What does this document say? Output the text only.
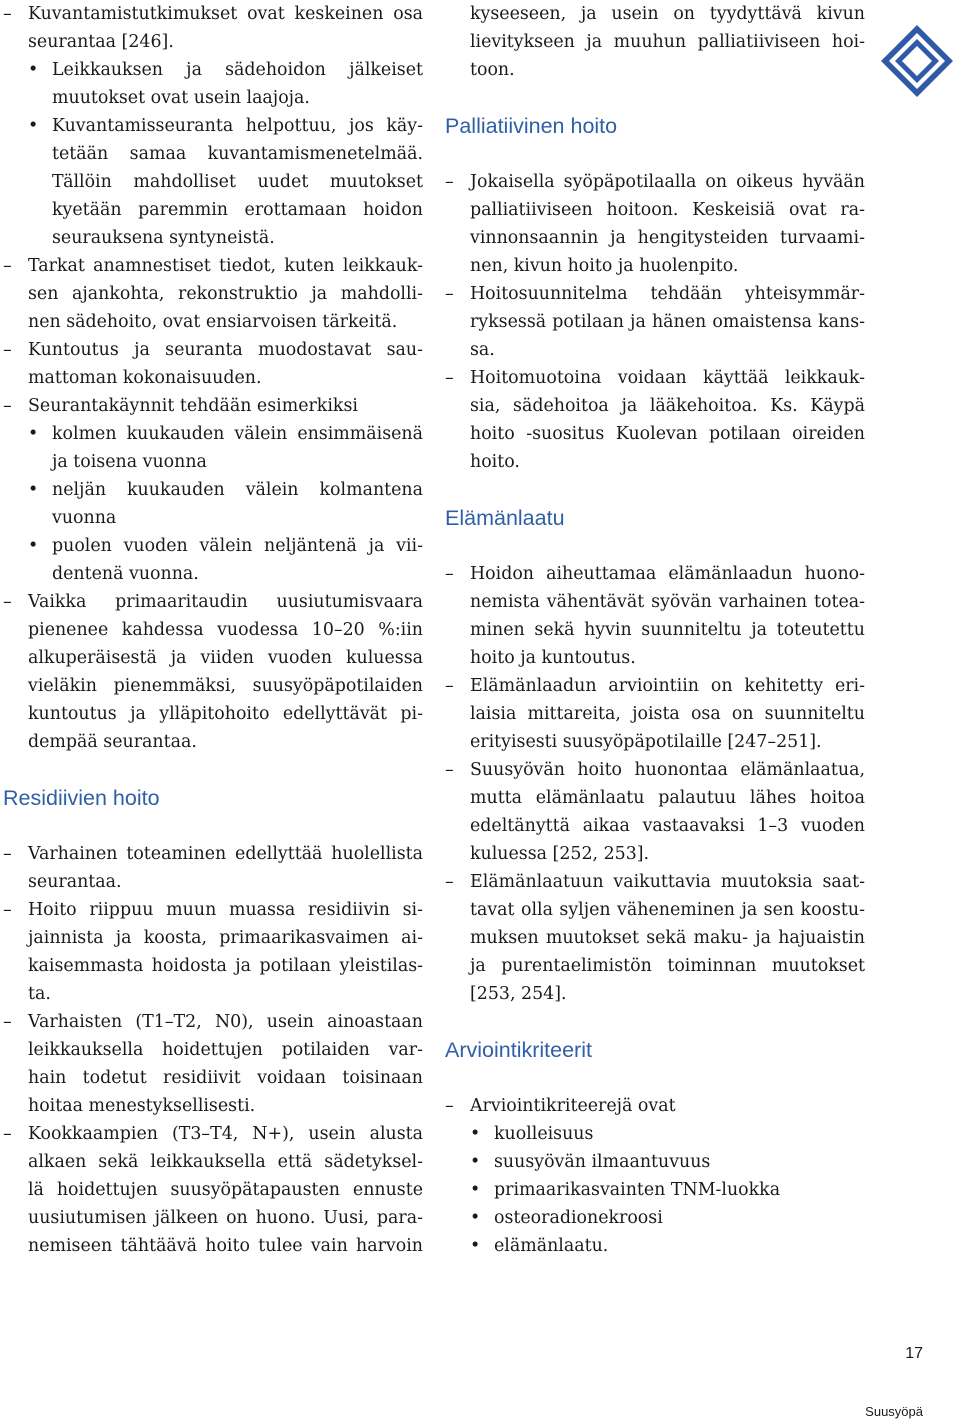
– Kuvantamistutkimukset ovat keskeinen osa
seurantaa [246].
• Leikkauksen ja sädehoidon jälkeiset
muutokset ovat usein laajoja.
• Kuvantamisseuranta helpottuu, jos käy-
tetään samaa kuvantamismenetelmää.
Tällöin mahdolliset uudet muutokset
kyetään paremmin erottamaan hoidon
seurauksena syntyneistä.
– Tarkat anamnestiset tiedot, kuten leikkauk-
sen ajankohta, rekonstruktio ja mahdolli-
nen sädehoito, ovat ensiarvoisen tärkeitä.
– Kuntoutus ja seuranta muodostavat sau-
mattoman kokonaisuuden.
– Seurantakäynnit tehdään esimerkiksi
• kolmen kuukauden välein ensimmäisenä
ja toisena vuonna
• neljän kuukauden välein kolmantena
vuonna
• puolen vuoden välein neljäntenä ja vii-
dentenä vuonna.
– Vaikka primaaritaudin uusiutumisvaara
pienenee kahdessa vuodessa 10–20 %:iin
alkuperäisestä ja viiden vuoden kuluessa
vieläkin pienemmäksi, suusyöpäpotilaiden
kuntoutus ja ylläpitohoito edellyttävät pi-
dempää seurantaa.
Residiivien hoito
– Varhainen toteaminen edellyttää huolellista
seurantaa.
– Hoito riippuu muun muassa residiivin si-
jainnista ja koosta, primaarikasvaimen ai-
kaisemmasta hoidosta ja potilaan yleistilas-
ta.
– Varhaisten (T1–T2, N0), usein ainoastaan
leikkauksella hoidettujen potilaiden var-
hain todetut residiivit voidaan toisinaan
hoitaa menestyksellisesti.
– Kookkaampien (T3–T4, N+), usein alusta
alkaen sekä leikkauksella että sädetyksel-
lä hoidettujen suusyöpätapausten ennuste
uusiutumisen jälkeen on huono. Uusi, para-
nemiseen tähtäävä hoito tulee vain harvoin
kyseeseen, ja usein on tyydyttävä kivun
lievitykseen ja muuhun palliatiiviseen hoi-
toon.
Palliatiivinen hoito
– Jokaisella syöpäpotilaalla on oikeus hyvään
palliatiiviseen hoitoon. Keskeisiä ovat ra-
vinnonsaannin ja hengitysteiden turvaami-
nen, kivun hoito ja huolenpito.
– Hoitosuunnitelma tehdään yhteisymmär-
ryksessä potilaan ja hänen omaistensa kans-
sa.
– Hoitomuotoina voidaan käyttää leikkauk-
sia, sädehoitoa ja lääkehoitoa. Ks. Käypä
hoito -suositus Kuolevan potilaan oireiden
hoito.
Elämänlaatu
– Hoidon aiheuttamaa elämänlaadun huono-
nemista vähentävät syövän varhainen totea-
minen sekä hyvin suunniteltu ja toteutettu
hoito ja kuntoutus.
– Elämänlaadun arviointiin on kehitetty eri-
laisia mittareita, joista osa on suunniteltu
erityisesti suusyöpäpotilaille [247–251].
– Suusyövän hoito huonontaa elämänlaatua,
mutta elämänlaatu palautuu lähes hoitoa
edeltänyttä aikaa vastaavaksi 1–3 vuoden
kuluessa [252, 253].
– Elämänlaatuun vaikuttavia muutoksia saat-
tavat olla syljen väheneminen ja sen koostu-
muksen muutokset sekä maku- ja hajuaistin
ja purentaelimistön toiminnan muutokset
[253, 254].
Arviointikriteerit
– Arviointikriteerejä ovat
• kuolleisuus
• suusyövän ilmaantuvuus
• primaarikasvainten TNM-luokka
• osteoradionekroosi
• elämänlaatu.
17
Suusyöpä
